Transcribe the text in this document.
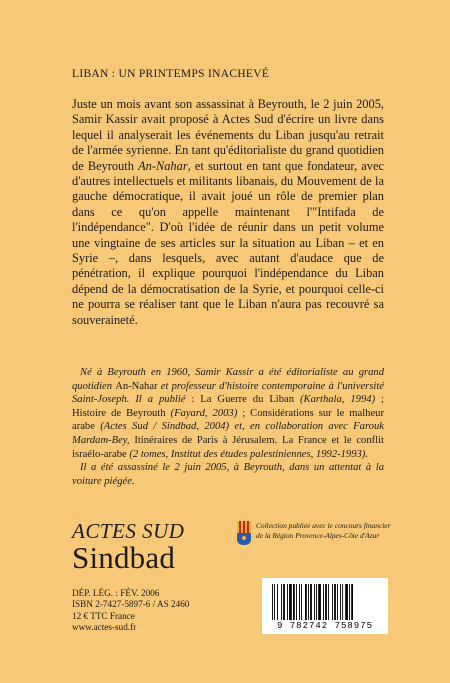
LIBAN : UN PRINTEMPS INACHEVÉ

Juste un mois avant son assassinat à Beyrouth, le 2 juin 2005, Samir Kassir avait proposé à Actes Sud d'écrire un livre dans lequel il analyserait les événements du Liban jusqu'au retrait de l'armée syrienne. En tant qu'éditorialiste du grand quotidien de Beyrouth An-Nahar, et surtout en tant que fondateur, avec d'autres intellectuels et militants libanais, du Mouvement de la gauche démocratique, il avait joué un rôle de premier plan dans ce qu'on appelle maintenant l'"Intifada de l'indépendance". D'où l'idée de réunir dans un petit volume une vingtaine de ses articles sur la situation au Liban – et en Syrie –, dans lesquels, avec autant d'audace que de pénétration, il explique pourquoi l'indépendance du Liban dépend de la démocratisation de la Syrie, et pourquoi celle-ci ne pourra se réaliser tant que le Liban n'aura pas recouvré sa souveraineté.

Né à Beyrouth en 1960, Samir Kassir a été éditorialiste au grand quotidien An-Nahar et professeur d'histoire contemporaine à l'université Saint-Joseph. Il a publié : La Guerre du Liban (Karthala, 1994) ; Histoire de Beyrouth (Fayard, 2003) ; Considérations sur le malheur arabe (Actes Sud / Sindbad, 2004) et, en collaboration avec Farouk Mardam-Bey, Itinéraires de Paris à Jérusalem. La France et le conflit israélo-arabe (2 tomes, Institut des études palestiniennes, 1992-1993).

Il a été assassiné le 2 juin 2005, à Beyrouth, dans un attentat à la voiture piégée.

ACTES SUD
Sindbad
Collection publiée avec le concours financier
de la Région Provence-Alpes-Côte d'Azur
DÉP. LÉG. : FÉV. 2006
ISBN 2-7427-5897-6 / AS 2460
12 € TTC France
www.actes-sud.fr	9 782742 758975
